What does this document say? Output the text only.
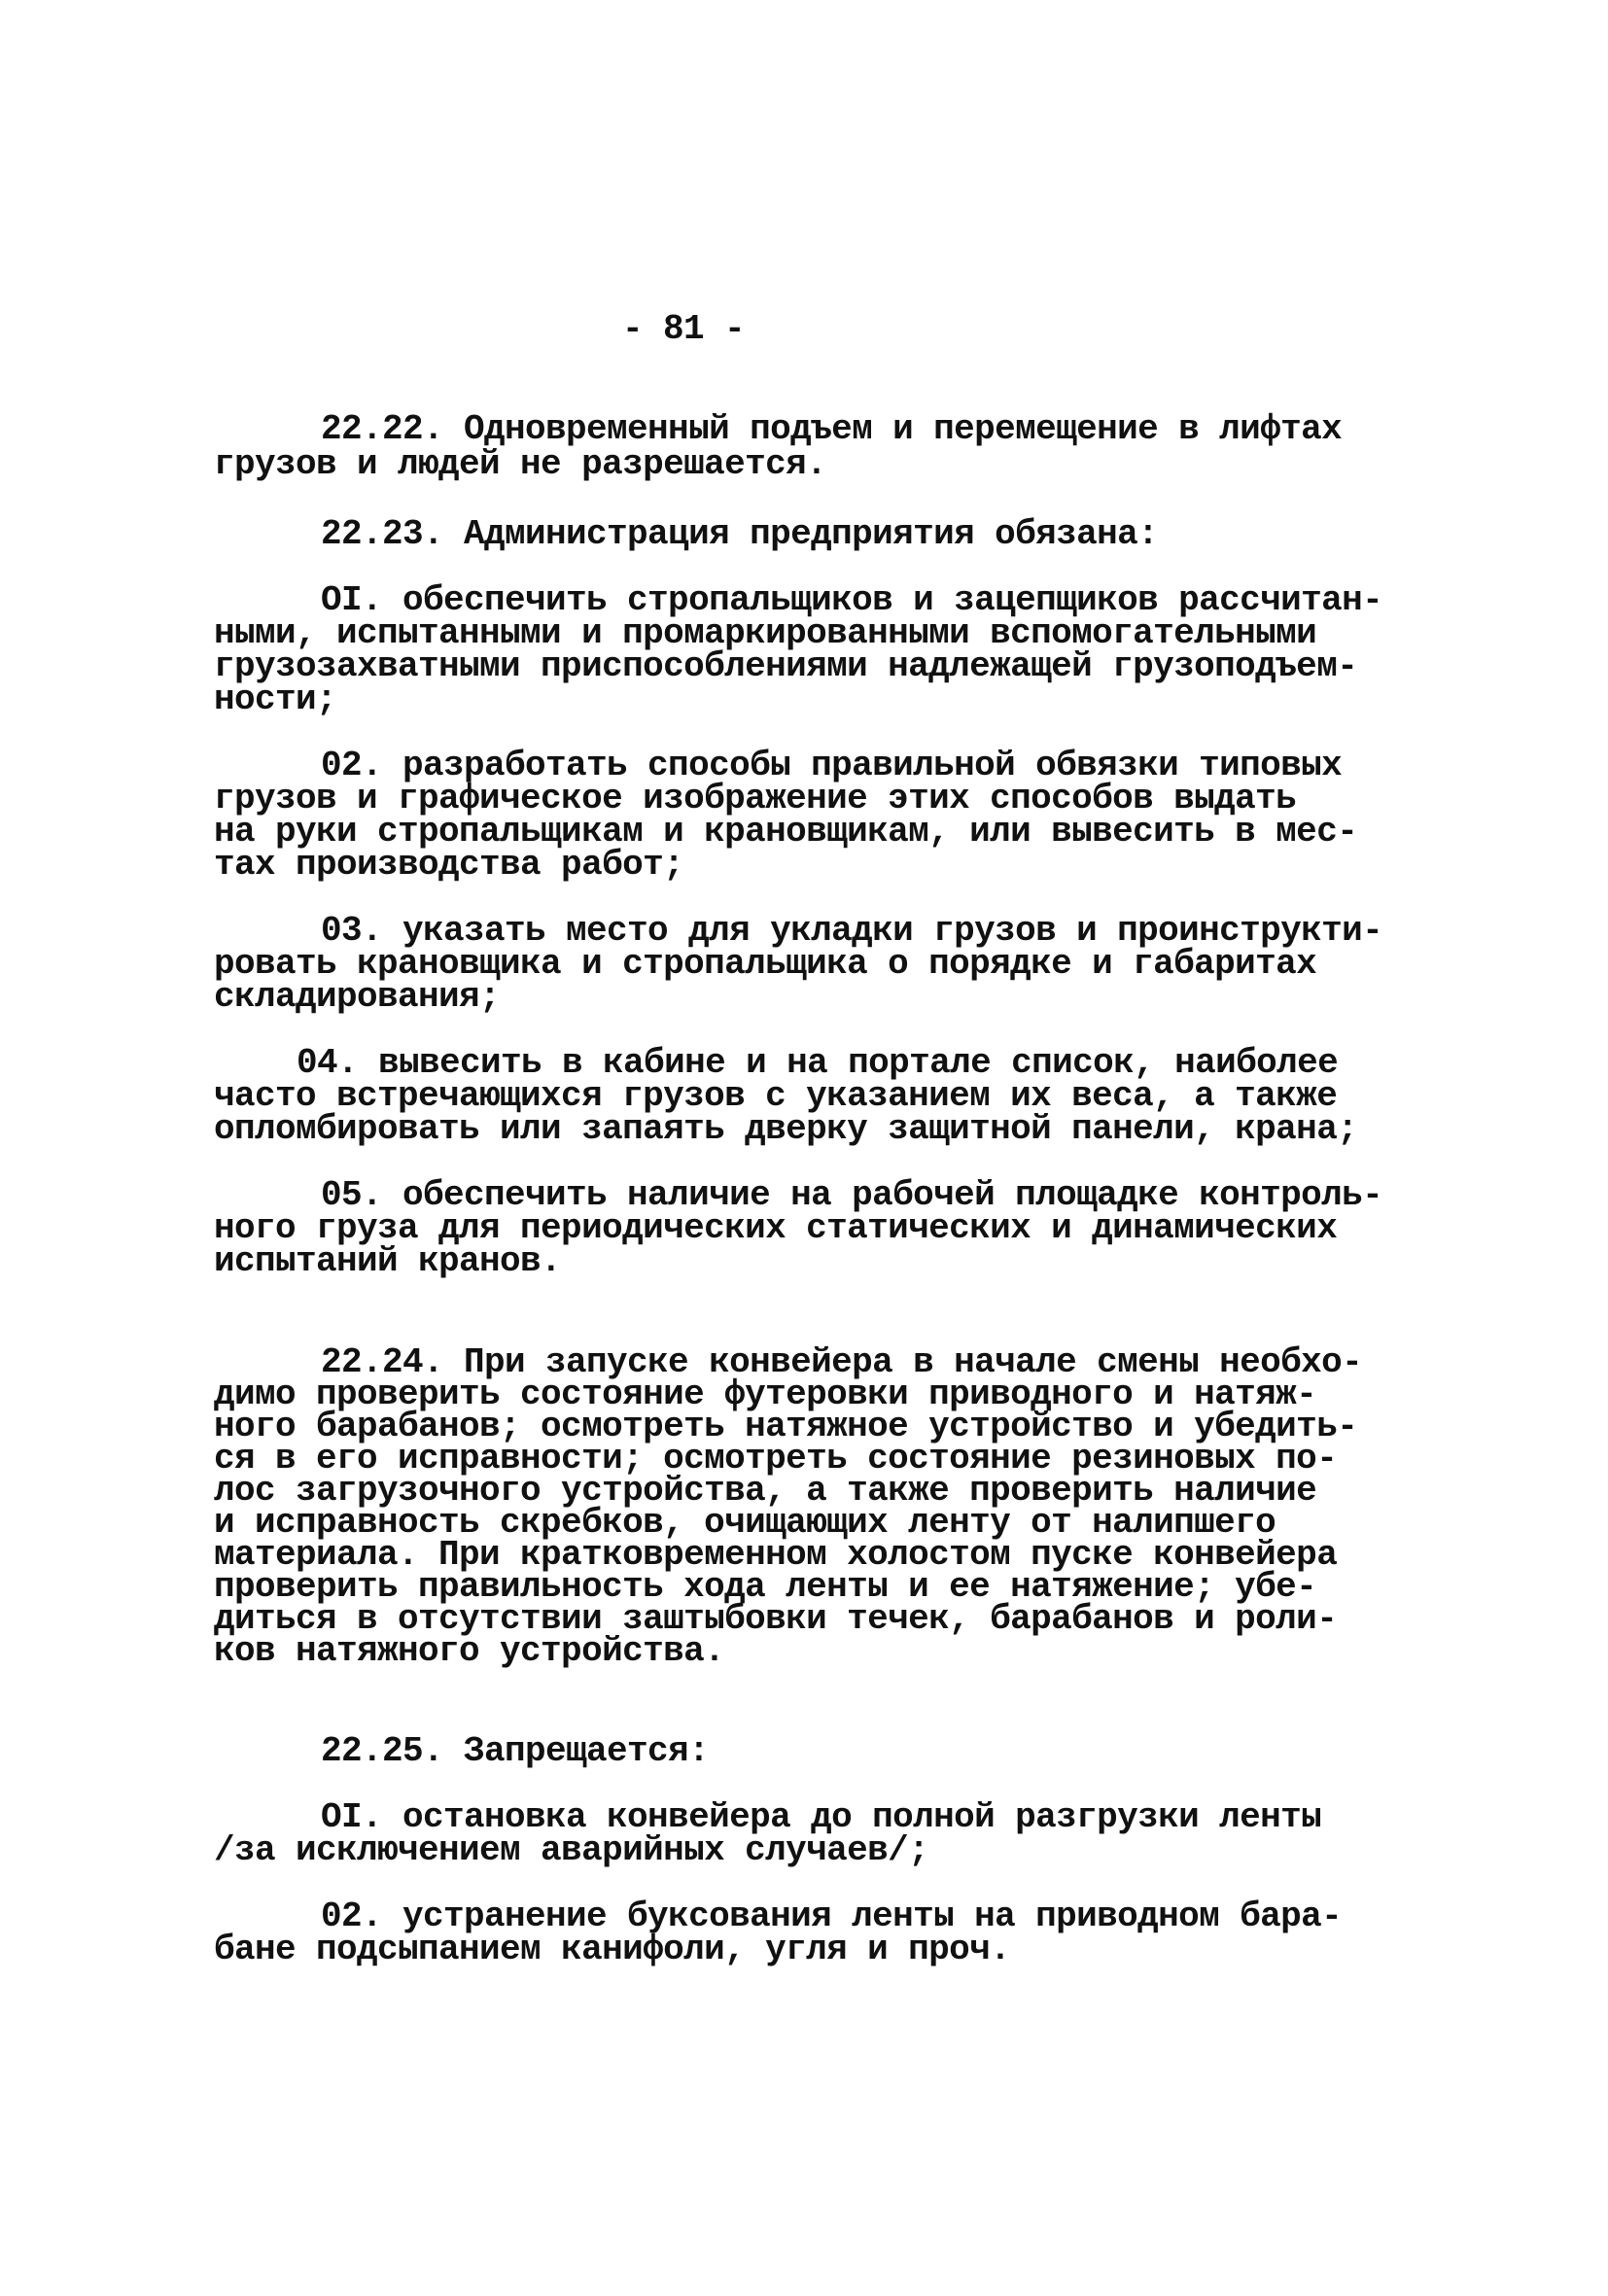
- 81 -
22.22. Одновременный подъем и перемещение в лифтах
грузов и людей не разрешается.
22.23. Администрация предприятия обязана:
OI. обеспечить стропальщиков и зацепщиков рассчитан-
ными, испытанными и промаркированными вспомогательными
грузозахватными приспособлениями надлежащей грузоподъем-
ности;
02. разработать способы правильной обвязки типовых
грузов и графическое изображение этих способов выдать
на руки стропальщикам и крановщикам, или вывесить в мес-
тах производства работ;
03. указать место для укладки грузов и проинструкти-
ровать крановщика и стропальщика о порядке и габаритах
складирования;
04. вывесить в кабине и на портале список, наиболее
часто встречающихся грузов с указанием их веса, а также
опломбировать или запаять дверку защитной панели, крана;
05. обеспечить наличие на рабочей площадке контроль-
ного груза для периодических статических и динамических
испытаний кранов.
22.24. При запуске конвейера в начале смены необхо-
димо проверить состояние футеровки приводного и натяж-
ного барабанов; осмотреть натяжное устройство и убедить-
ся в его исправности; осмотреть состояние резиновых по-
лос загрузочного устройства, а также проверить наличие
и исправность скребков, очищающих ленту от налипшего
материала. При кратковременном холостом пуске конвейера
проверить правильность хода ленты и ее натяжение; убе-
диться в отсутствии заштыбовки течек, барабанов и роли-
ков натяжного устройства.
22.25. Запрещается:
OI. остановка конвейера до полной разгрузки ленты
/за исключением аварийных случаев/;
02. устранение буксования ленты на приводном бара-
бане подсыпанием канифоли, угля и проч.
